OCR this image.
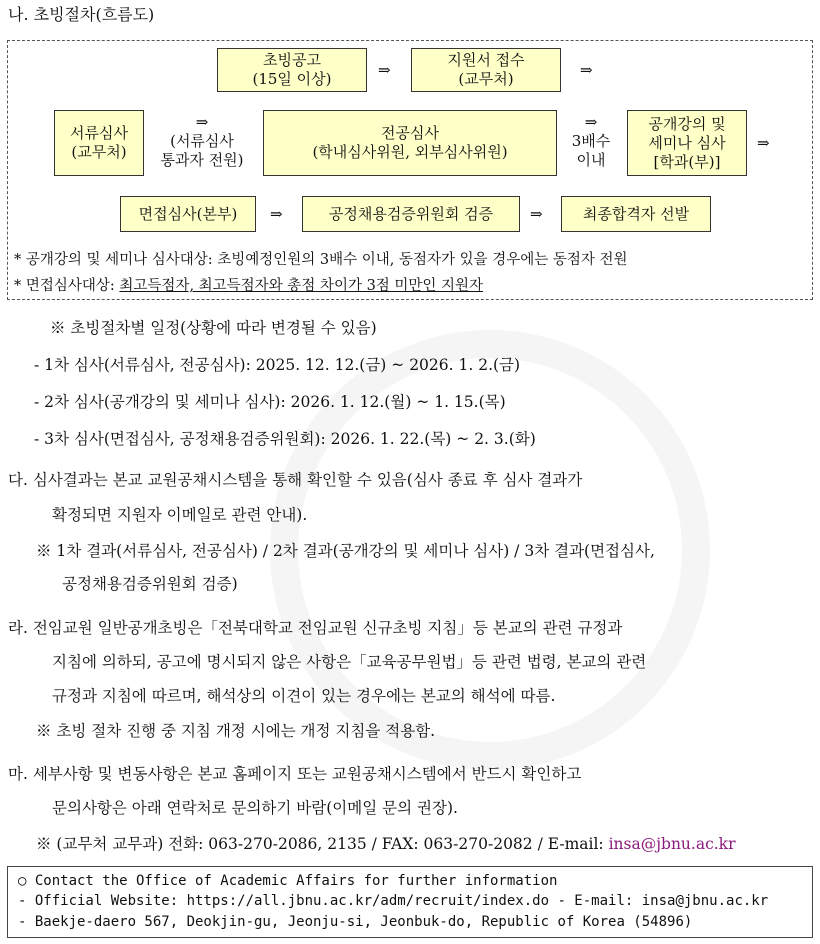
나. 초빙절차(흐름도)
초빙공고
(15일 이상)	⇒
지원서 접수
(교무처)	⇒
서류심사
(교무처)
⇒
(서류심사
통과자 전원)
전공심사
(학내심사위원, 외부심사위원)
⇒
3배수
이내
공개강의 및
세미나 심사
[학과(부)]
⇒
면접심사(본부) ⇒	공정채용검증위원회 검증 ⇒	최종합격자 선발
* 공개강의 및 세미나 심사대상: 초빙예정인원의 3배수 이내, 동점자가 있을 경우에는 동점자 전원
* 면접심사대상: 최고득점자, 최고득점자와 총점 차이가 3점 미만인 지원자
※ 초빙절차별 일정(상황에 따라 변경될 수 있음)
- 1차 심사(서류심사, 전공심사): 2025. 12. 12.(금) ~ 2026. 1. 2.(금)
- 2차 심사(공개강의 및 세미나 심사): 2026. 1. 12.(월) ~ 1. 15.(목)
- 3차 심사(면접심사, 공정채용검증위원회): 2026. 1. 22.(목) ~ 2. 3.(화)
다. 심사결과는 본교 교원공채시스템을 통해 확인할 수 있음(심사 종료 후 심사 결과가
확정되면 지원자 이메일로 관련 안내).
※ 1차 결과(서류심사, 전공심사) / 2차 결과(공개강의 및 세미나 심사) / 3차 결과(면접심사,
공정채용검증위원회 검증)
라. 전임교원 일반공개초빙은「전북대학교 전임교원 신규초빙 지침」등 본교의 관련 규정과
지침에 의하되, 공고에 명시되지 않은 사항은「교육공무원법」등 관련 법령, 본교의 관련
규정과 지침에 따르며, 해석상의 이견이 있는 경우에는 본교의 해석에 따름.
※ 초빙 절차 진행 중 지침 개정 시에는 개정 지침을 적용함.
마. 세부사항 및 변동사항은 본교 홈페이지 또는 교원공채시스템에서 반드시 확인하고
문의사항은 아래 연락처로 문의하기 바람(이메일 문의 권장).
※ (교무처 교무과) 전화: 063-270-2086, 2135 / FAX: 063-270-2082 / E-mail: insa@jbnu.ac.kr
○ Contact the Office of Academic Affairs for further information
- Official Website: https://all.jbnu.ac.kr/adm/recruit/index.do - E-mail: insa@jbnu.ac.kr
- Baekje-daero 567, Deokjin-gu, Jeonju-si, Jeonbuk-do, Republic of Korea (54896)
